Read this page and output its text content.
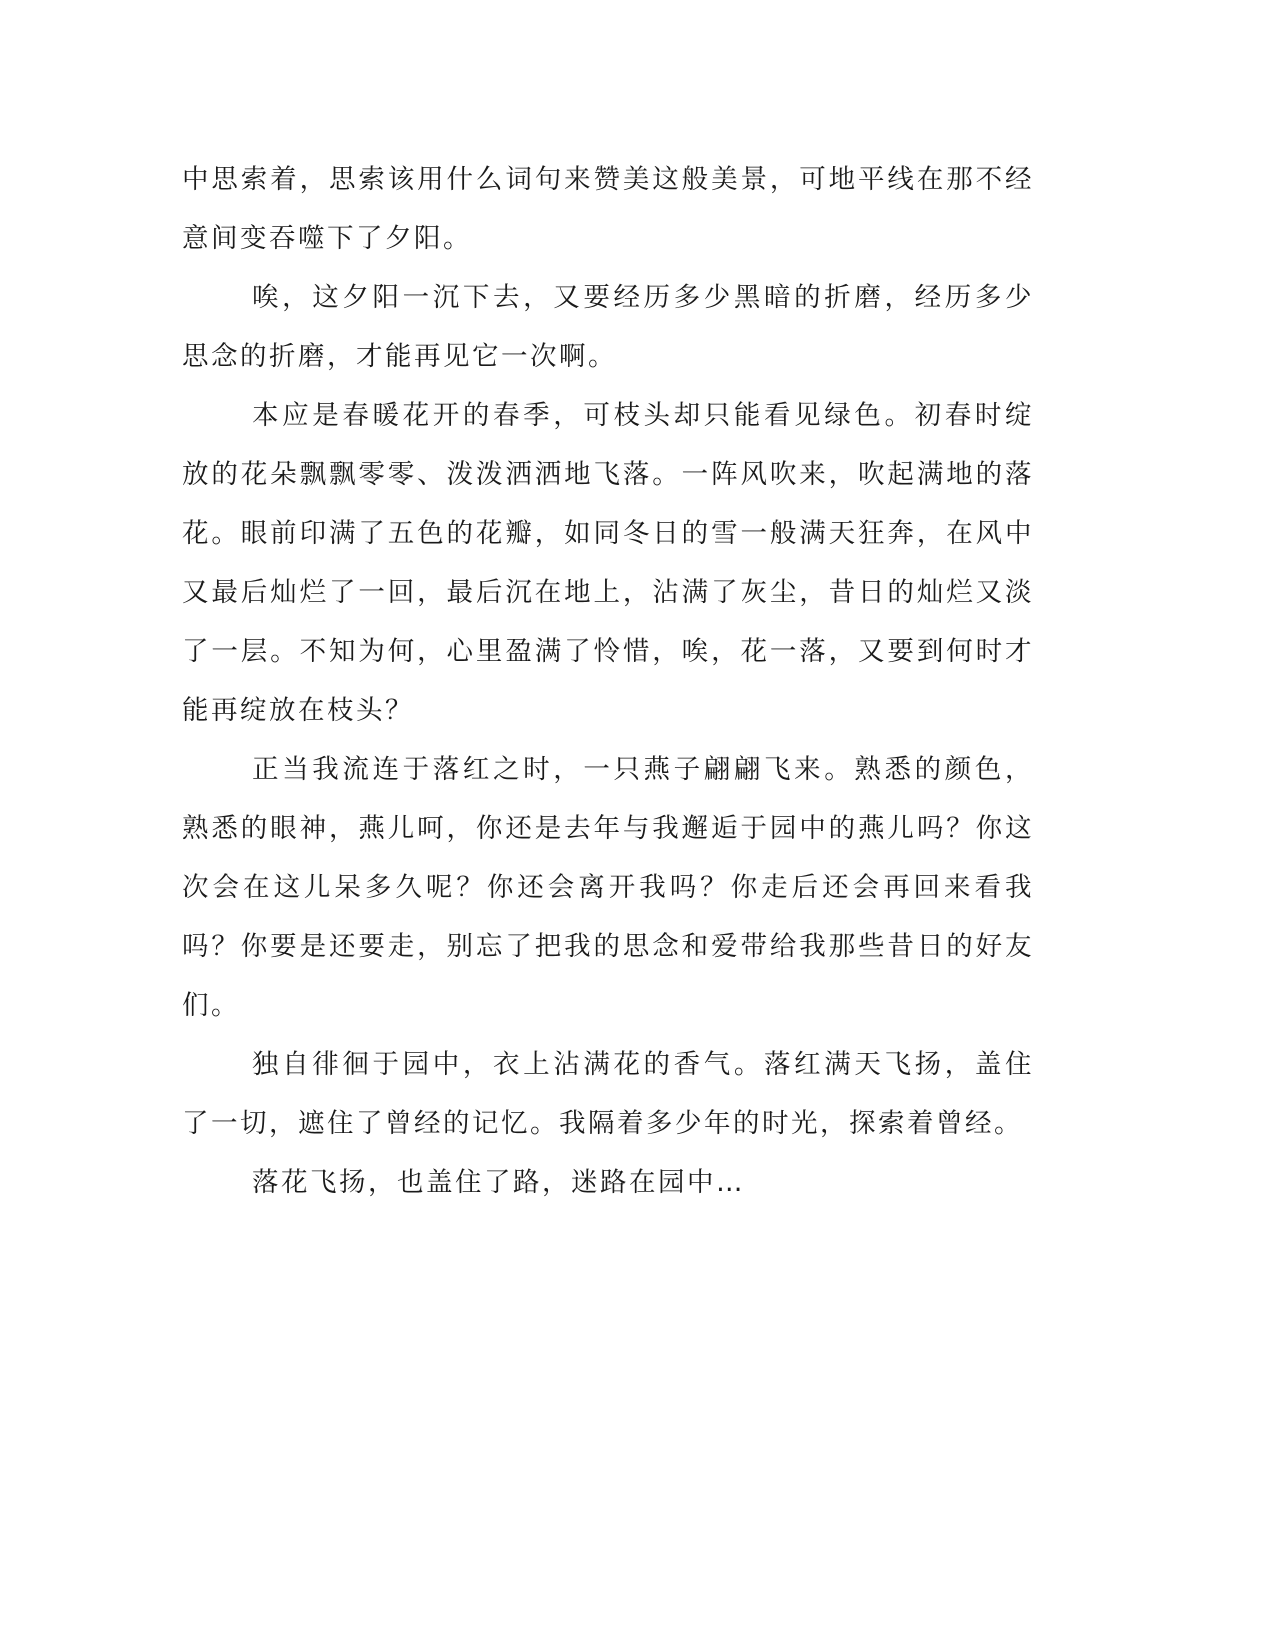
中思索着，思索该用什么词句来赞美这般美景，可地平线在那不经意间变吞噬下了夕阳。

唉，这夕阳一沉下去，又要经历多少黑暗的折磨，经历多少思念的折磨，才能再见它一次啊。

本应是春暖花开的春季，可枝头却只能看见绿色。初春时绽放的花朵飘飘零零、泼泼洒洒地飞落。一阵风吹来，吹起满地的落花。眼前印满了五色的花瓣，如同冬日的雪一般满天狂奔，在风中又最后灿烂了一回，最后沉在地上，沾满了灰尘，昔日的灿烂又淡了一层。不知为何，心里盈满了怜惜，唉，花一落，又要到何时才能再绽放在枝头？

正当我流连于落红之时，一只燕子翩翩飞来。熟悉的颜色，熟悉的眼神，燕儿呵，你还是去年与我邂逅于园中的燕儿吗？你这次会在这儿呆多久呢？你还会离开我吗？你走后还会再回来看我吗？你要是还要走，别忘了把我的思念和爱带给我那些昔日的好友们。

独自徘徊于园中，衣上沾满花的香气。落红满天飞扬，盖住了一切，遮住了曾经的记忆。我隔着多少年的时光，探索着曾经。

落花飞扬，也盖住了路，迷路在园中…
